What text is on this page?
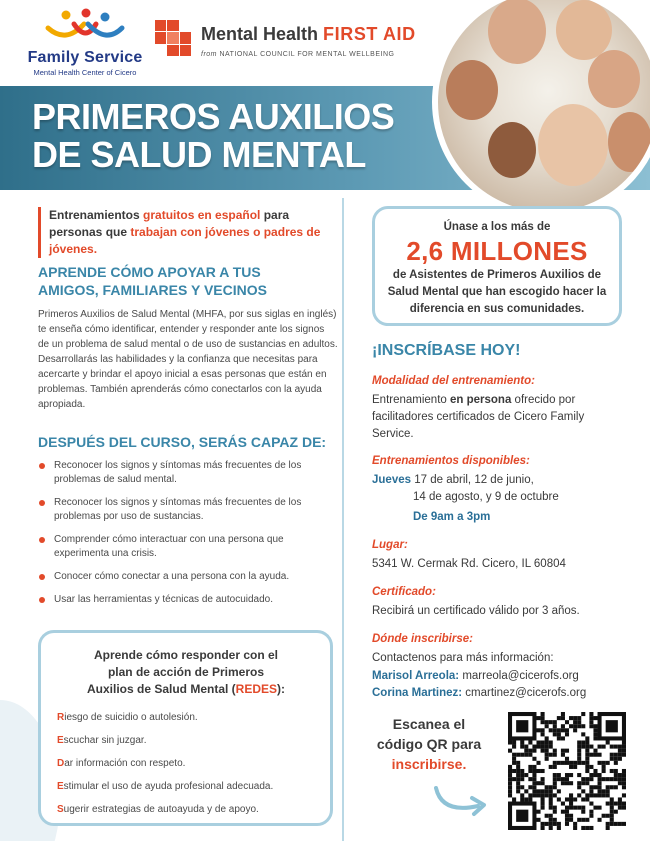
Family Service
Mental Health Center of Cicero
Mental Health FIRST AID
from NATIONAL COUNCIL FOR MENTAL WELLBEING
PRIMEROS AUXILIOS
DE SALUD MENTAL
Entrenamientos gratuitos en español para personas que trabajan con jóvenes o padres de jóvenes.
APRENDE CÓMO APOYAR A TUS
AMIGOS, FAMILIARES Y VECINOS

Primeros Auxilios de Salud Mental (MHFA, por sus siglas en inglés) te enseña cómo identificar, entender y responder ante los signos de un problema de salud mental o de uso de sustancias en adultos. Desarrollarás las habilidades y la confianza que necesitas para acercarte y brindar el apoyo inicial a esas personas que están en problemas. También aprenderás cómo conectarlos con la ayuda apropiada.

DESPUÉS DEL CURSO, SERÁS CAPAZ DE:
Reconocer los signos y síntomas más frecuentes de los problemas de salud mental.
Reconocer los signos y síntomas más frecuentes de los problemas por uso de sustancias.
Comprender cómo interactuar con una persona que experimenta una crisis.
Conocer cómo conectar a una persona con la ayuda.
Usar las herramientas y técnicas de autocuidado.
Aprende cómo responder con el
plan de acción de Primeros
Auxilios de Salud Mental (REDES):
Riesgo de suicidio o autolesión.
Escuchar sin juzgar.
Dar información con respeto.
Estimular el uso de ayuda profesional adecuada.
Sugerir estrategias de autoayuda y de apoyo.
Únase a los más de
2,6 MILLONES
de Asistentes de Primeros Auxilios de Salud Mental que han escogido hacer la diferencia en sus comunidades.
¡INSCRÍBASE HOY!
Modalidad del entrenamiento:
Entrenamiento en persona ofrecido por facilitadores certificados de Cicero Family Service.
Entrenamientos disponibles:
Jueves 17 de abril, 12 de junio,
14 de agosto, y 9 de octubre
De 9am a 3pm
Lugar:
5341 W. Cermak Rd. Cicero, IL 60804
Certificado:
Recibirá un certificado válido por 3 años.
Dónde inscribirse:
Contactenos para más información:
Marisol Arreola: marreola@cicerofs.org
Corina Martinez: cmartinez@cicerofs.org
Escanea el
código QR para
inscribirse.
